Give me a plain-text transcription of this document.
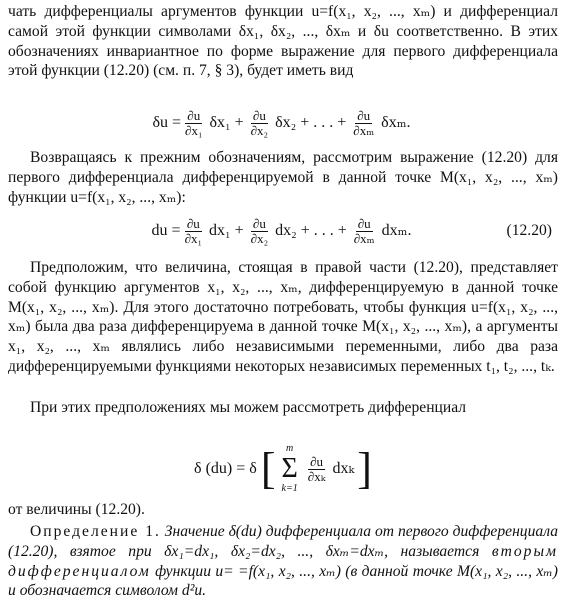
чать дифференциалы аргументов функции u=f(x₁, x₂, ..., xₘ) и дифференциал самой этой функции символами δx₁, δx₂, ..., δxₘ и δu соответственно. В этих обозначениях инвариантное по форме выражение для первого дифференциала этой функции (12.20) (см. п. 7, § 3), будет иметь вид

$\delta u = \frac{\partial u}{\text{∂x₁}} \delta x_1 + \frac{\partial u}{\text{∂x₂}} \delta x_2$ + . . . + $\frac{\partial u}{\text{∂xₘ}} \delta x_m$.

Возвращаясь к прежним обозначениям, рассмотрим выражение (12.20) для первого дифференциала дифференцируемой в данной точке M(x₁, x₂, ..., xₘ) функции u=f(x₁, x₂, ..., xₘ):

du = $\frac{\partial u}{\text{∂x₁}} dx_1 + \frac{\partial u}{\text{∂x₂}} dx_2$ + . . . + $\frac{\partial u}{\text{∂xₘ}} dx_m$.	(12.20)

Предположим, что величина, стоящая в правой части (12.20), представляет собой функцию аргументов x₁, x₂, ..., xₘ, дифференцируемую в данной точке M(x₁, x₂, ..., xₘ). Для этого достаточно потребовать, чтобы функция u=f(x₁, x₂, ..., xₘ) была два раза дифференцируема в данной точке M(x₁, x₂, ..., xₘ), а аргументы x₁, x₂, ..., xₘ являлись либо независимыми переменными, либо два раза дифференцируемыми функциями некоторых независимых переменных t₁, t₂, ..., tₖ.

При этих предположениях мы можем рассмотреть дифференциал

δ (du) = δ [ m
Σ
k=1
$\frac{\partial u}{\text{∂xₖ}}$ dxₖ ]

от величины (12.20).

Определение 1. Значение δ(du) дифференциала от первого дифференциала (12.20), взятое при δx₁=dx₁, δx₂=dx₂, ..., δxₘ=dxₘ, называется вторым дифференциалом функции u= =f(x₁, x₂, ..., xₘ) (в данной точке M(x₁, x₂, ..., xₘ) и обозначается символом d²u.
